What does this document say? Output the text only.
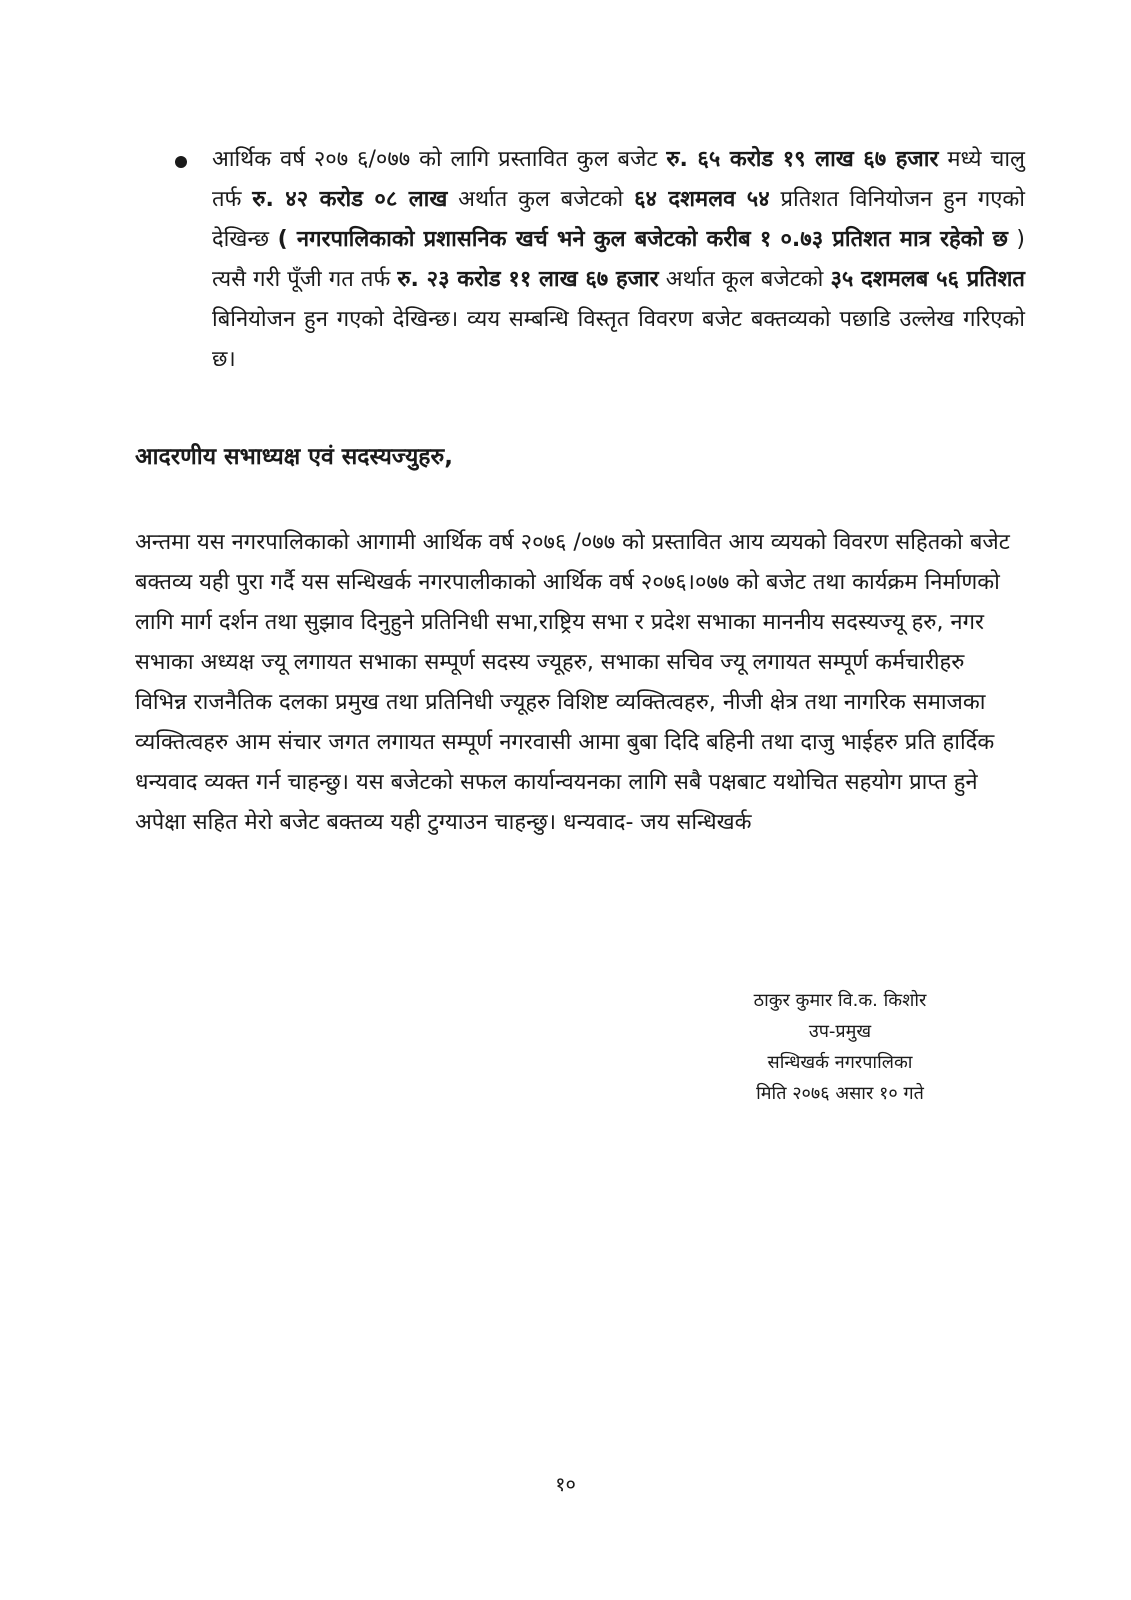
आर्थिक वर्ष २०७ ६/०७७ को लागि प्रस्तावित कुल बजेट रु. ६५ करोड १९ लाख ६७ हजार मध्ये चालु तर्फ रु. ४२ करोड ०८ लाख अर्थात कुल बजेटको ६४ दशमलव ५४ प्रतिशत विनियोजन हुन गएको देखिन्छ ( नगरपालिकाको प्रशासनिक खर्च भने कुल बजेटको करीब १ ०.७३ प्रतिशत मात्र रहेको छ ) त्यसै गरी पूँजी गत तर्फ रु. २३ करोड ११ लाख ६७ हजार अर्थात कूल बजेटको ३५ दशमलब ५६ प्रतिशत बिनियोजन हुन गएको देखिन्छ। व्यय सम्बन्धि विस्तृत विवरण बजेट बक्तव्यको पछाडि उल्लेख गरिएको छ।
आदरणीय सभाध्यक्ष एवं सदस्यज्युहरु,
अन्तमा यस नगरपालिकाको आगामी आर्थिक वर्ष २०७६ /०७७ को प्रस्तावित आय व्ययको विवरण सहितको बजेट बक्तव्य यही पुरा गर्दै यस सन्धिखर्क नगरपालीकाको आर्थिक वर्ष २०७६।०७७ को बजेट तथा कार्यक्रम निर्माणको लागि मार्ग दर्शन तथा सुझाव दिनुहुने प्रतिनिधी सभा,राष्ट्रिय सभा र प्रदेश सभाका माननीय सदस्यज्यू हरु, नगर सभाका अध्यक्ष ज्यू लगायत सभाका सम्पूर्ण सदस्य ज्यूहरु, सभाका सचिव ज्यू लगायत सम्पूर्ण कर्मचारीहरु विभिन्न राजनैतिक दलका प्रमुख तथा प्रतिनिधी ज्यूहरु विशिष्ट व्यक्तित्वहरु, नीजी क्षेत्र तथा नागरिक समाजका व्यक्तित्वहरु आम संचार जगत लगायत सम्पूर्ण नगरवासी आमा बुबा दिदि बहिनी तथा दाजु भाईहरु प्रति हार्दिक धन्यवाद व्यक्त गर्न चाहन्छु। यस बजेटको सफल कार्यान्वयनका लागि सबै पक्षबाट यथोचित सहयोग प्राप्त हुने अपेक्षा सहित मेरो बजेट बक्तव्य यही टुग्याउन चाहन्छु। धन्यवाद- जय सन्धिखर्क
ठाकुर कुमार वि.क. किशोर
उप-प्रमुख
सन्धिखर्क नगरपालिका
मिति २०७६ असार १० गते
१०
